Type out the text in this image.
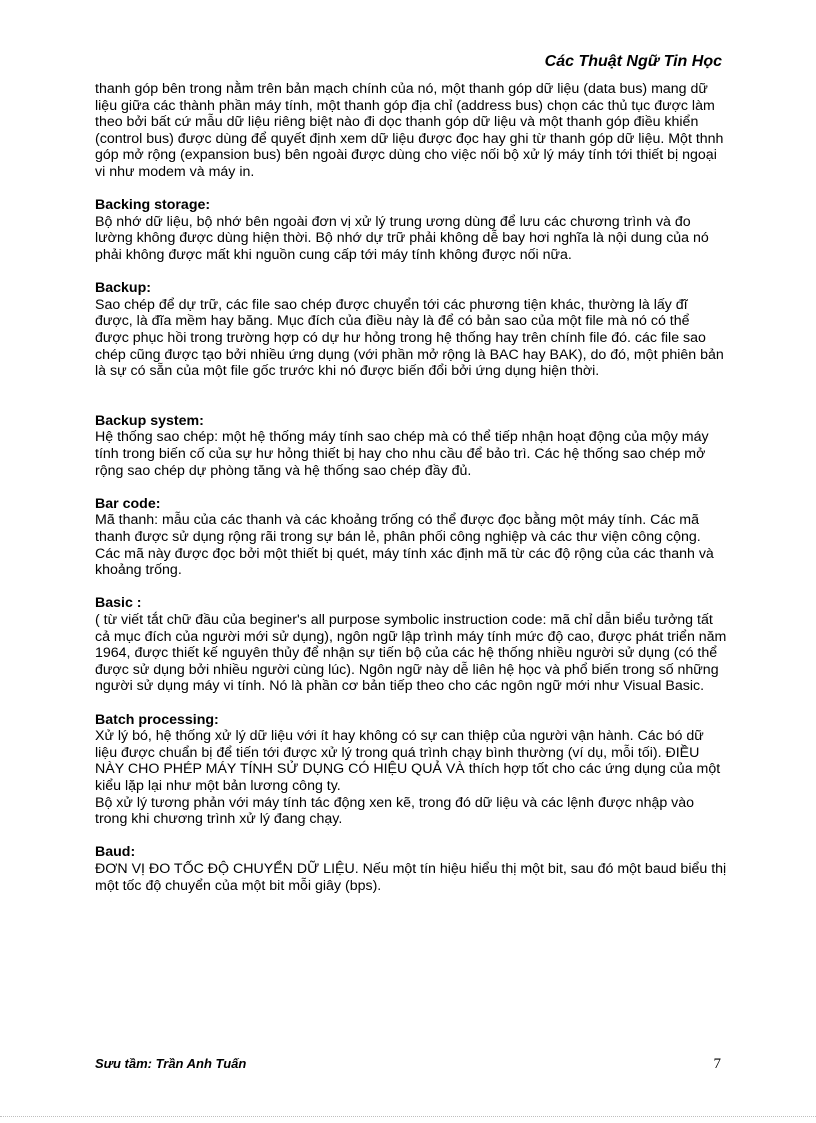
Các Thuật Ngữ Tin Học

thanh góp bên trong nằm trên bản mạch chính của nó, một thanh góp dữ liệu (data bus) mang dữ liệu giữa các thành phần máy tính, một thanh góp địa chỉ (address bus) chọn các thủ tục được làm theo bởi bất cứ mẫu dữ liệu riêng biệt nào đi dọc thanh góp dữ liệu và một thanh góp điều khiển (control bus) được dùng để quyết định xem dữ liệu được đọc hay ghi từ thanh góp dữ liệu. Một thnh góp mở rộng (expansion bus) bên ngoài được dùng cho việc nối bộ xử lý máy tính tới thiết bị ngoại vi như modem và máy in.

Backing storage:

Bộ nhớ dữ liệu, bộ nhớ bên ngoài đơn vị xử lý trung ương dùng để lưu các chương trình và đo lường không được dùng hiện thời. Bộ nhớ dự trữ phải không dễ bay hơi nghĩa là nội dung của nó phải không được mất khi nguồn cung cấp tới máy tính không được nối nữa.

Backup:

Sao chép để dự trữ, các file sao chép được chuyển tới các phương tiện khác, thường là lấy đĩ được, là đĩa mềm hay băng. Mục đích của điều này là để có bản sao của một file mà nó có thể được phục hồi trong trường hợp có dự hư hỏng trong hệ thống hay trên chính file đó. các file sao chép cũng được tạo bởi nhiều ứng dụng (với phần mở rộng là BAC hay BAK), do đó, một phiên bản là sự có sẵn của một file gốc trước khi nó được biến đổi bởi ứng dụng hiện thời.

Backup system:

Hệ thống sao chép: một hệ thống máy tính sao chép mà có thể tiếp nhận hoạt động của mộy máy tính trong biến cố của sự hư hỏng thiết bị hay cho nhu cầu để bảo trì. Các hệ thống sao chép mở rộng sao chép dự phòng tăng và hệ thống sao chép đầy đủ.

Bar code:

Mã thanh: mẫu của các thanh và các khoảng trống có thể được đọc bằng một máy tính. Các mã thanh được sử dụng rộng rãi trong sự bán lẻ, phân phối công nghiệp và các thư viện công cộng. Các mã này được đọc bởi một thiết bị quét, máy tính xác định mã từ các độ rộng của các thanh và khoảng trống.

Basic :

( từ viết tắt chữ đầu của beginer's all purpose symbolic instruction code: mã chỉ dẫn biểu tưởng tất cả mục đích của người mới sử dụng), ngôn ngữ lập trình máy tính mức độ cao, được phát triển năm 1964, được thiết kế nguyên thủy để nhận sự tiến bộ của các hệ thống nhiều người sử dụng (có thể được sử dụng bởi nhiều người cùng lúc). Ngôn ngữ này dễ liên hệ học và phổ biến trong số những người sử dụng máy vi tính. Nó là phần cơ bản tiếp theo cho các ngôn ngữ mới như Visual Basic.

Batch processing:

Xử lý bó, hệ thống xử lý dữ liệu với ít hay không có sự can thiệp của người vận hành. Các bó dữ liệu được chuẩn bị để tiến tới được xử lý trong quá trình chạy bình thường (ví dụ, mỗi tối). ĐIỀU NÀY CHO PHÉP MÁY TÍNH SỬ DỤNG CÓ HIỆU QUẢ VÀ thích hợp tốt cho các ứng dụng của một kiểu lặp lại như một bản lương công ty.

Bộ xử lý tương phản với máy tính tác động xen kẽ, trong đó dữ liệu và các lệnh được nhập vào trong khi chương trình xử lý đang chạy.

Baud:

ĐƠN VỊ ĐO TỐC ĐỘ CHUYỂN DỮ LIỆU. Nếu một tín hiệu hiểu thị một bit, sau đó một baud biểu thị một tốc độ chuyển của một bit mỗi giây (bps).

Sưu tầm: Trần Anh Tuấn	7
